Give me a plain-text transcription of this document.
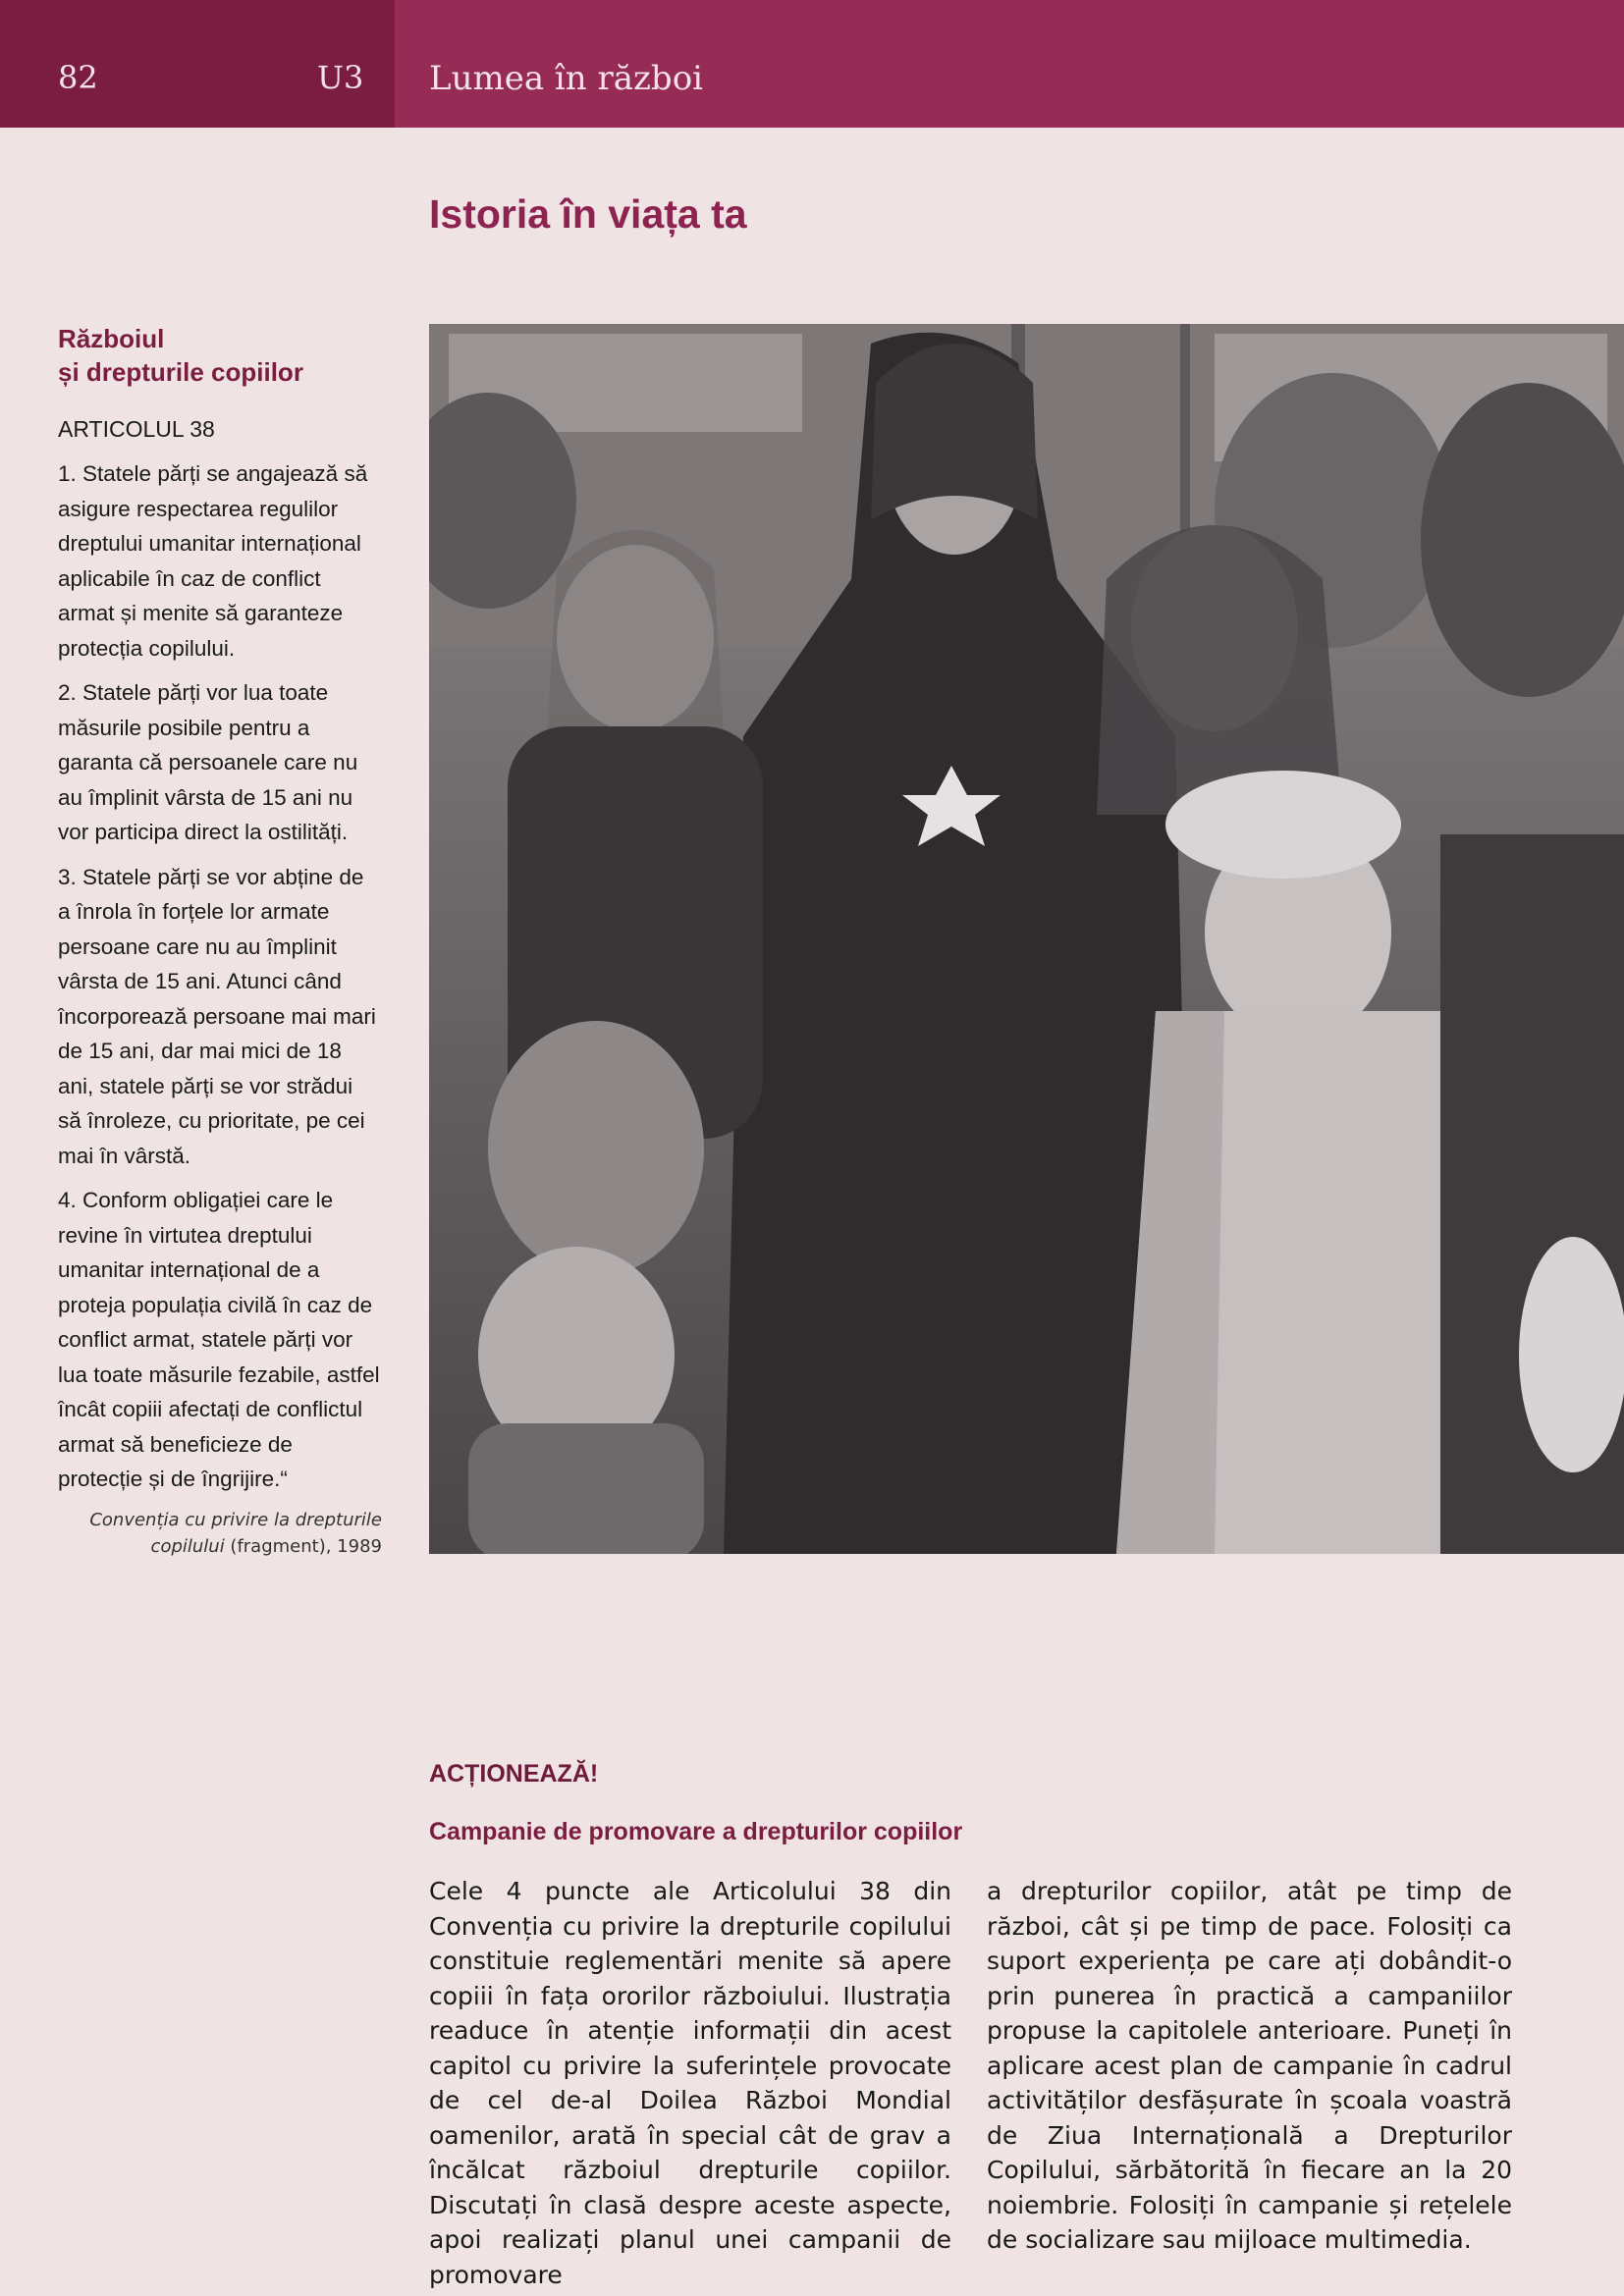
82	U3 Lumea în război
Istoria în viața ta
Războiul
și drepturile copiilor
ARTICOLUL 38

1. Statele părți se angajează să asigure respectarea regulilor dreptului umanitar internațional aplicabile în caz de conflict armat și menite să garanteze protecția copilului.

2. Statele părți vor lua toate măsurile posibile pentru a garanta că persoanele care nu au împlinit vârsta de 15 ani nu vor participa direct la ostilități.

3. Statele părți se vor abține de a înrola în forțele lor armate persoane care nu au împlinit vârsta de 15 ani. Atunci când încorporează persoane mai mari de 15 ani, dar mai mici de 18 ani, statele părți se vor strădui să înroleze, cu prioritate, pe cei mai în vârstă.

4. Conform obligației care le revine în virtutea dreptului umanitar internațional de a proteja populația civilă în caz de conflict armat, statele părți vor lua toate măsurile fezabile, astfel încât copiii afectați de conflictul armat să beneficieze de protecție și de îngrijire.“

Convenția cu privire la drepturile copilului (fragment), 1989
ACȚIONEAZĂ!
Campanie de promovare a drepturilor copiilor
Cele 4 puncte ale Articolului 38 din Convenția cu privire la drepturile copilului constituie reglementări menite să apere copiii în fața ororilor războiului. Ilustrația readuce în atenție informații din acest capitol cu privire la suferințele provocate de cel de-al Doilea Război Mondial oamenilor, arată în special cât de grav a încălcat războiul drepturile copiilor. Discutați în clasă despre aceste aspecte, apoi realizați planul unei campanii de promovare
a drepturilor copiilor, atât pe timp de război, cât și pe timp de pace. Folosiți ca suport experiența pe care ați dobândit-o prin punerea în practică a campaniilor propuse la capitolele anterioare. Puneți în aplicare acest plan de campanie în cadrul activităților desfășurate în școala voastră de Ziua Internațională a Drepturilor Copilului, sărbătorită în fiecare an la 20 noiembrie. Folosiți în campanie și rețelele de socializare sau mijloace multimedia.
